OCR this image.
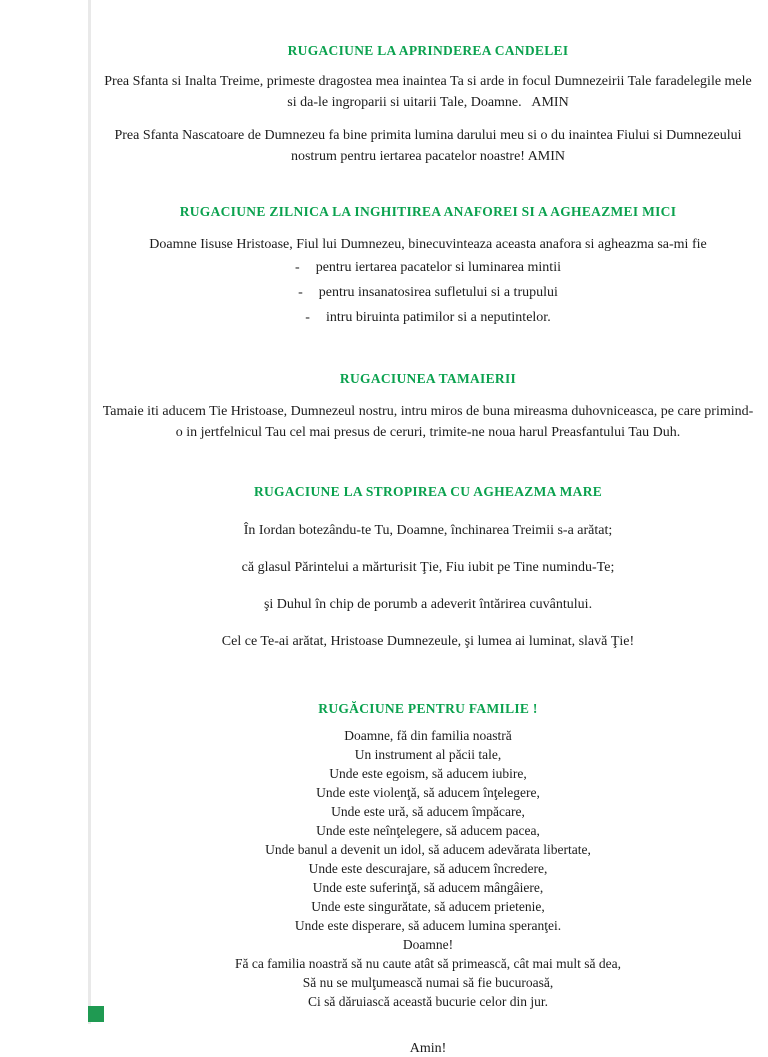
RUGACIUNE LA APRINDEREA CANDELEI
Prea Sfanta si Inalta Treime, primeste dragostea mea inaintea Ta si arde in focul Dumnezeirii Tale faradelegile mele si da-le ingroparii si uitarii Tale, Doamne.   AMIN
Prea Sfanta Nascatoare de Dumnezeu fa bine primita lumina darului meu si o du inaintea Fiului si Dumnezeului nostrum pentru iertarea pacatelor noastre! AMIN
RUGACIUNE ZILNICA LA INGHITIREA ANAFOREI SI A AGHEAZMEI MICI
Doamne Iisuse Hristoase, Fiul lui Dumnezeu, binecuvinteaza aceasta anafora si agheazma sa-mi fie
- pentru iertarea pacatelor si luminarea mintii
- pentru insanatosirea sufletului si a trupului
- intru biruinta patimilor si a neputintelor.
RUGACIUNEA TAMAIERII
Tamaie iti aducem Tie Hristoase, Dumnezeul nostru, intru miros de buna mireasma duhovniceasca, pe care primind-o in jertfelnicul Tau cel mai presus de ceruri, trimite-ne noua harul Preasfantului Tau Duh.
RUGACIUNE LA STROPIREA CU AGHEAZMA MARE
În Iordan botezându-te Tu, Doamne, închinarea Treimii s-a arătat;
că glasul Părintelui a mărturisit Ţie, Fiu iubit pe Tine numindu-Te;
şi Duhul în chip de porumb a adeverit întărirea cuvântului.
Cel ce Te-ai arătat, Hristoase Dumnezeule, şi lumea ai luminat, slavă Ţie!
RUGĂCIUNE PENTRU FAMILIE !
Doamne, fă din familia noastră
Un instrument al păcii tale,
Unde este egoism, să aducem iubire,
Unde este violenţă, să aducem înţelegere,
Unde este ură, să aducem împăcare,
Unde este neînţelegere, să aducem pacea,
Unde banul a devenit un idol, să aducem adevărata libertate,
Unde este descurajare, să aducem încredere,
Unde este suferinţă, să aducem mângâiere,
Unde este singurătate, să aducem prietenie,
Unde este disperare, să aducem lumina speranţei.
Doamne!
Fă ca familia noastră să nu caute atât să primească, cât mai mult să dea,
Să nu se mulţumească numai să fie bucuroasă,
Ci să dăruiască această bucurie celor din jur.
Amin!
